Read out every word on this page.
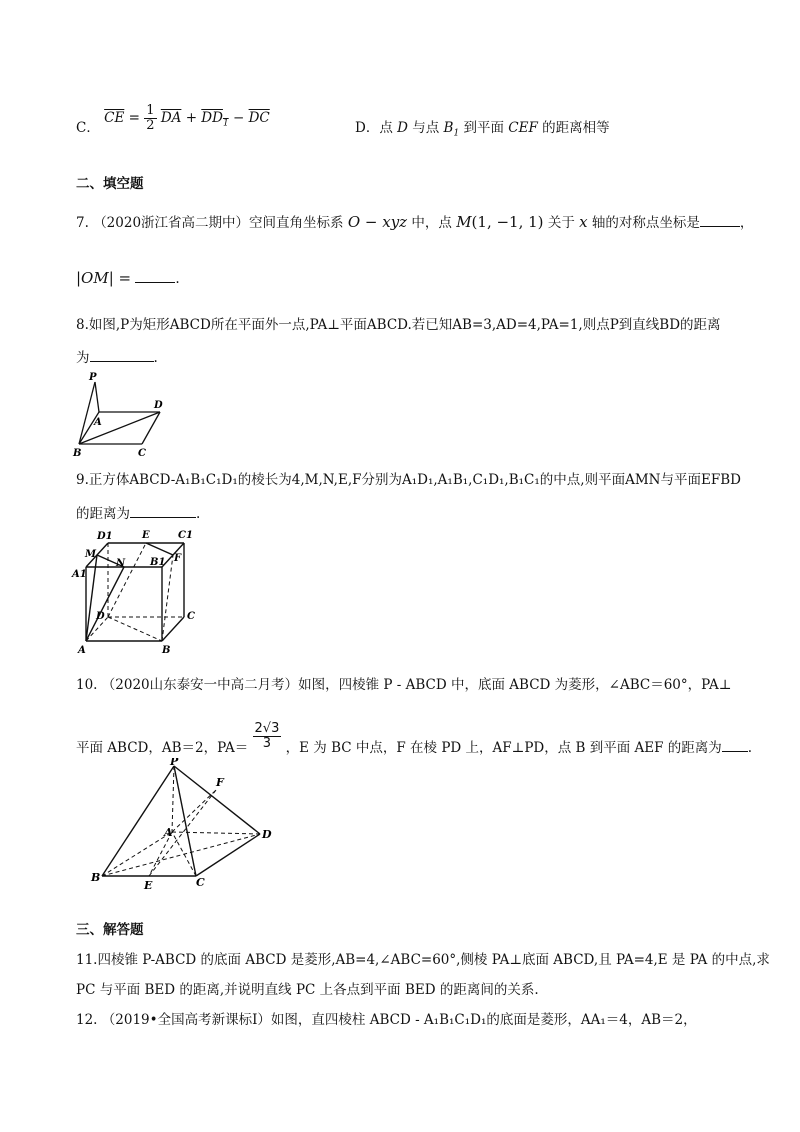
C． $\overline{CE} = \frac{1}{2} \overline{DA} + DD_1 - \overline{DC}$
D．点 D 与点 $B_1$ 到平面 CEF 的距离相等
二、填空题
7. （2020浙江省高二期中）空间直角坐标系 O − xyz 中，点 M(1, −1, 1) 关于 x 轴的对称点坐标是	，
|OM| =	.
8.如图,P为矩形ABCD所在平面外一点,PA⊥平面ABCD.若已知AB=3,AD=4,PA=1,则点P到直线BD的距离
为	.
P
A
D
B	C
9.正方体ABCD-A₁B₁C₁D₁的棱长为4,M,N,E,F分别为A₁D₁,A₁B₁,C₁D₁,B₁C₁的中点,则平面AMN与平面EFBD
的距离为	.
D1	E	C1
M
N B1 F
A1
D	C
A	B
10. （2020山东泰安一中高二月考）如图，四棱锥 P - ABCD 中，底面 ABCD 为菱形，∠ABC＝60°，PA⊥
平面 ABCD，AB＝2，$PA= \frac{2√3}{3}$ ，E 为 BC 中点，F 在棱 PD 上，AF⊥PD，点 B 到平面 AEF 的距离为 .
P
F
A	D
B
E	C
三、解答题
11.四棱锥 P-ABCD 的底面 ABCD 是菱形,AB=4,∠ABC=60°,侧棱 PA⊥底面 ABCD,且 PA=4,E 是 PA 的中点,求
PC 与平面 BED 的距离,并说明直线 PC 上各点到平面 BED 的距离间的关系.
12. （2019•全国高考新课标Ⅰ）如图，直四棱柱 ABCD - A₁B₁C₁D₁的底面是菱形，AA₁＝4，AB＝2，
